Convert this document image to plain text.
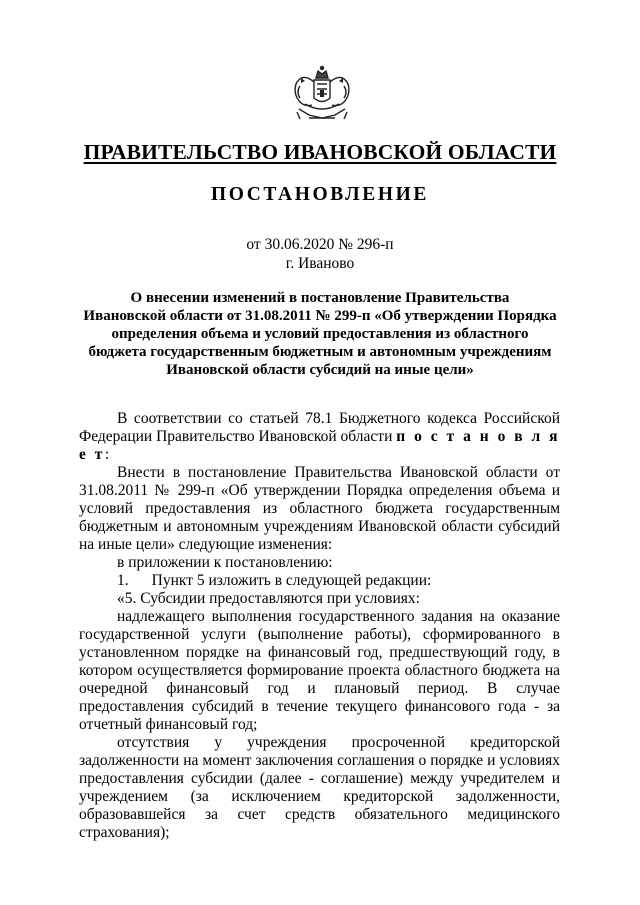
ПРАВИТЕЛЬСТВО ИВАНОВСКОЙ ОБЛАСТИ
ПОСТАНОВЛЕНИЕ
от 30.06.2020 № 296-п
г. Иваново
О внесении изменений в постановление Правительства
Ивановской области от 31.08.2011 № 299-п «Об утверждении Порядка
определения объема и условий предоставления из областного
бюджета государственным бюджетным и автономным учреждениям
Ивановской области субсидий на иные цели»

В соответствии со статьей 78.1 Бюджетного кодекса Российской Федерации Правительство Ивановской области п о с т а н о в л я е т:

Внести в постановление Правительства Ивановской области от 31.08.2011 № 299-п «Об утверждении Порядка определения объема и условий предоставления из областного бюджета государственным бюджетным и автономным учреждениям Ивановской области субсидий на иные цели» следующие изменения:

в приложении к постановлению:

1. Пункт 5 изложить в следующей редакции:

«5. Субсидии предоставляются при условиях:

надлежащего выполнения государственного задания на оказание государственной услуги (выполнение работы), сформированного в установленном порядке на финансовый год, предшествующий году, в котором осуществляется формирование проекта областного бюджета на очередной финансовый год и плановый период. В случае предоставления субсидий в течение текущего финансового года - за отчетный финансовый год;

отсутствия у учреждения просроченной кредиторской задолженности на момент заключения соглашения о порядке и условиях предоставления субсидии (далее - соглашение) между учредителем и учреждением (за исключением кредиторской задолженности, образовавшейся за счет средств обязательного медицинского страхования);
